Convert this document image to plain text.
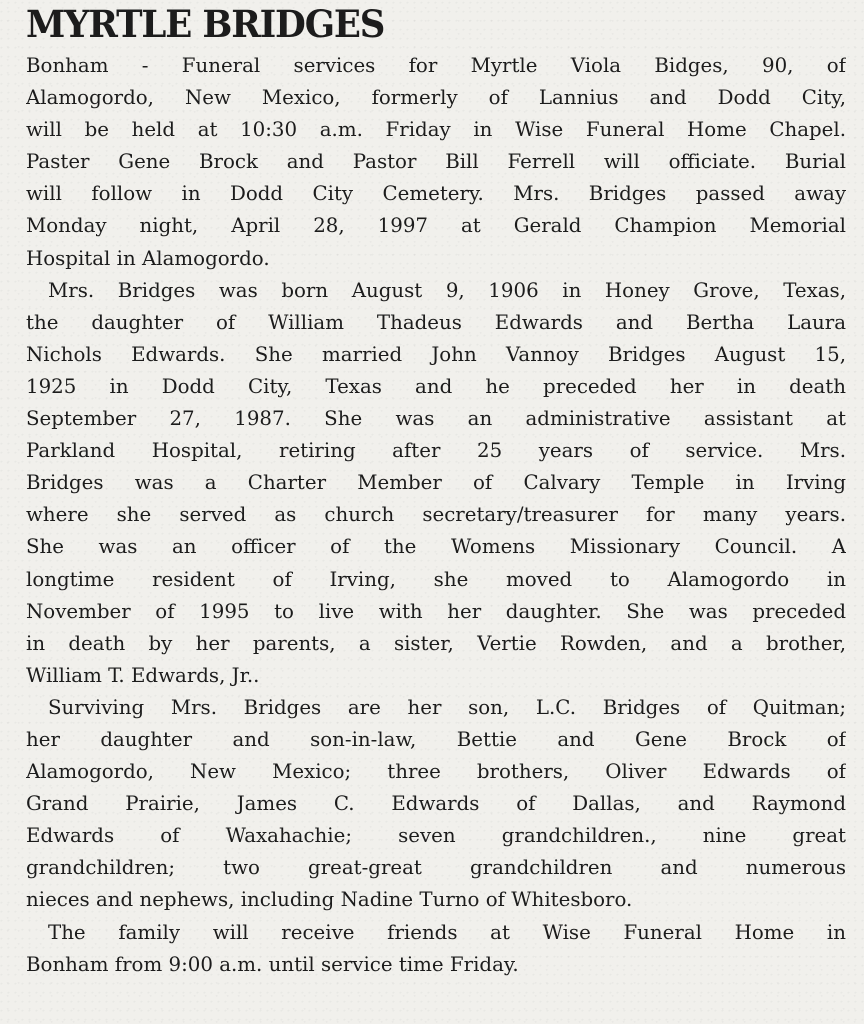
MYRTLE BRIDGES

Bonham - Funeral services for Myrtle Viola Bidges, 90, of
Alamogordo, New Mexico, formerly of Lannius and Dodd City,
will be held at 10:30 a.m. Friday in Wise Funeral Home Chapel.
Paster Gene Brock and Pastor Bill Ferrell will officiate. Burial
will follow in Dodd City Cemetery. Mrs. Bridges passed away
Monday night, April 28, 1997 at Gerald Champion Memorial
Hospital in Alamogordo.

Mrs. Bridges was born August 9, 1906 in Honey Grove, Texas,
the daughter of William Thadeus Edwards and Bertha Laura
Nichols Edwards. She married John Vannoy Bridges August 15,
1925 in Dodd City, Texas and he preceded her in death
September 27, 1987. She was an administrative assistant at
Parkland Hospital, retiring after 25 years of service. Mrs.
Bridges was a Charter Member of Calvary Temple in Irving
where she served as church secretary/treasurer for many years.
She was an officer of the Womens Missionary Council. A
longtime resident of Irving, she moved to Alamogordo in
November of 1995 to live with her daughter. She was preceded
in death by her parents, a sister, Vertie Rowden, and a brother,
William T. Edwards, Jr..

Surviving Mrs. Bridges are her son, L.C. Bridges of Quitman;
her daughter and son-in-law, Bettie and Gene Brock of
Alamogordo, New Mexico; three brothers, Oliver Edwards of
Grand Prairie, James C. Edwards of Dallas, and Raymond
Edwards of Waxahachie; seven grandchildren., nine great
grandchildren; two great-great grandchildren and numerous
nieces and nephews, including Nadine Turno of Whitesboro.

The family will receive friends at Wise Funeral Home in
Bonham from 9:00 a.m. until service time Friday.
